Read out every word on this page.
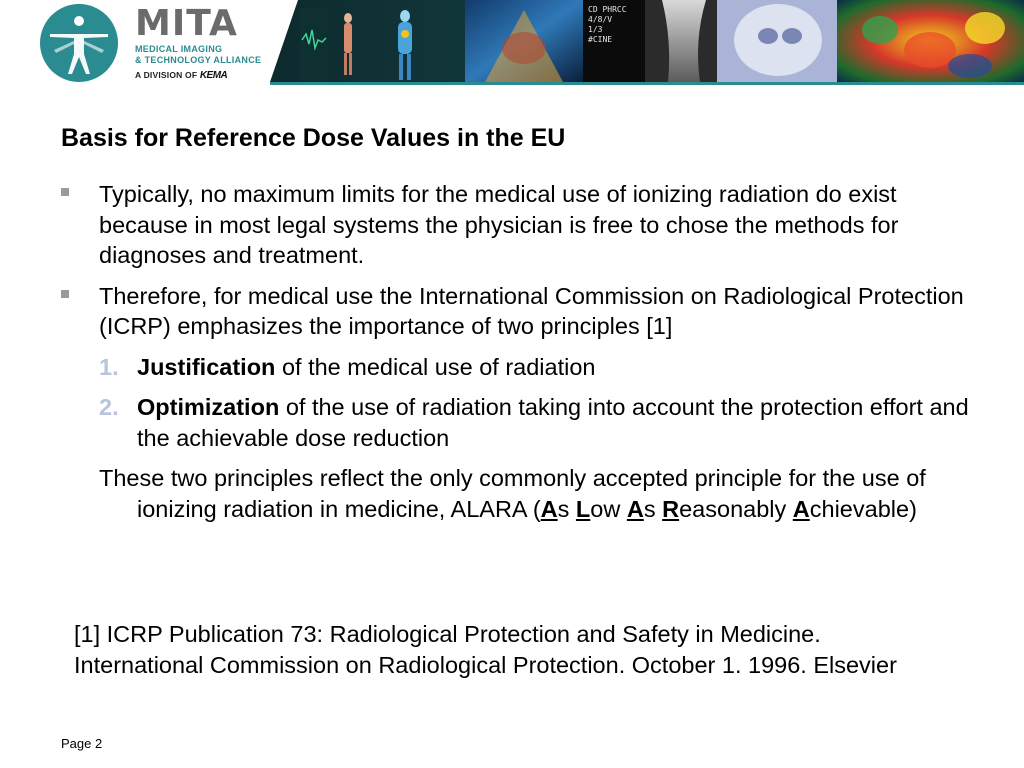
MITA
MEDICAL IMAGING
& TECHNOLOGY ALLIANCE
A DIVISION OF KEMA
CD PHRCC
4/8/V
1/3
#CINE
Basis for Reference Dose Values in the EU
Typically, no maximum limits for the medical use of ionizing radiation do exist because in most legal systems the physician is free to chose the methods for diagnoses and treatment.
Therefore, for medical use the International Commission on Radiological Protection (ICRP) emphasizes the importance of two principles [1]
1. Justification of the medical use of radiation
2. Optimization of the use of radiation taking into account the protection effort and the achievable dose reduction
These two principles reflect the only commonly accepted principle for the use of ionizing radiation in medicine, ALARA (As Low As Reasonably Achievable)
[1] ICRP Publication 73: Radiological Protection and Safety in Medicine.
International Commission on Radiological Protection. October 1. 1996. Elsevier
Page 2
